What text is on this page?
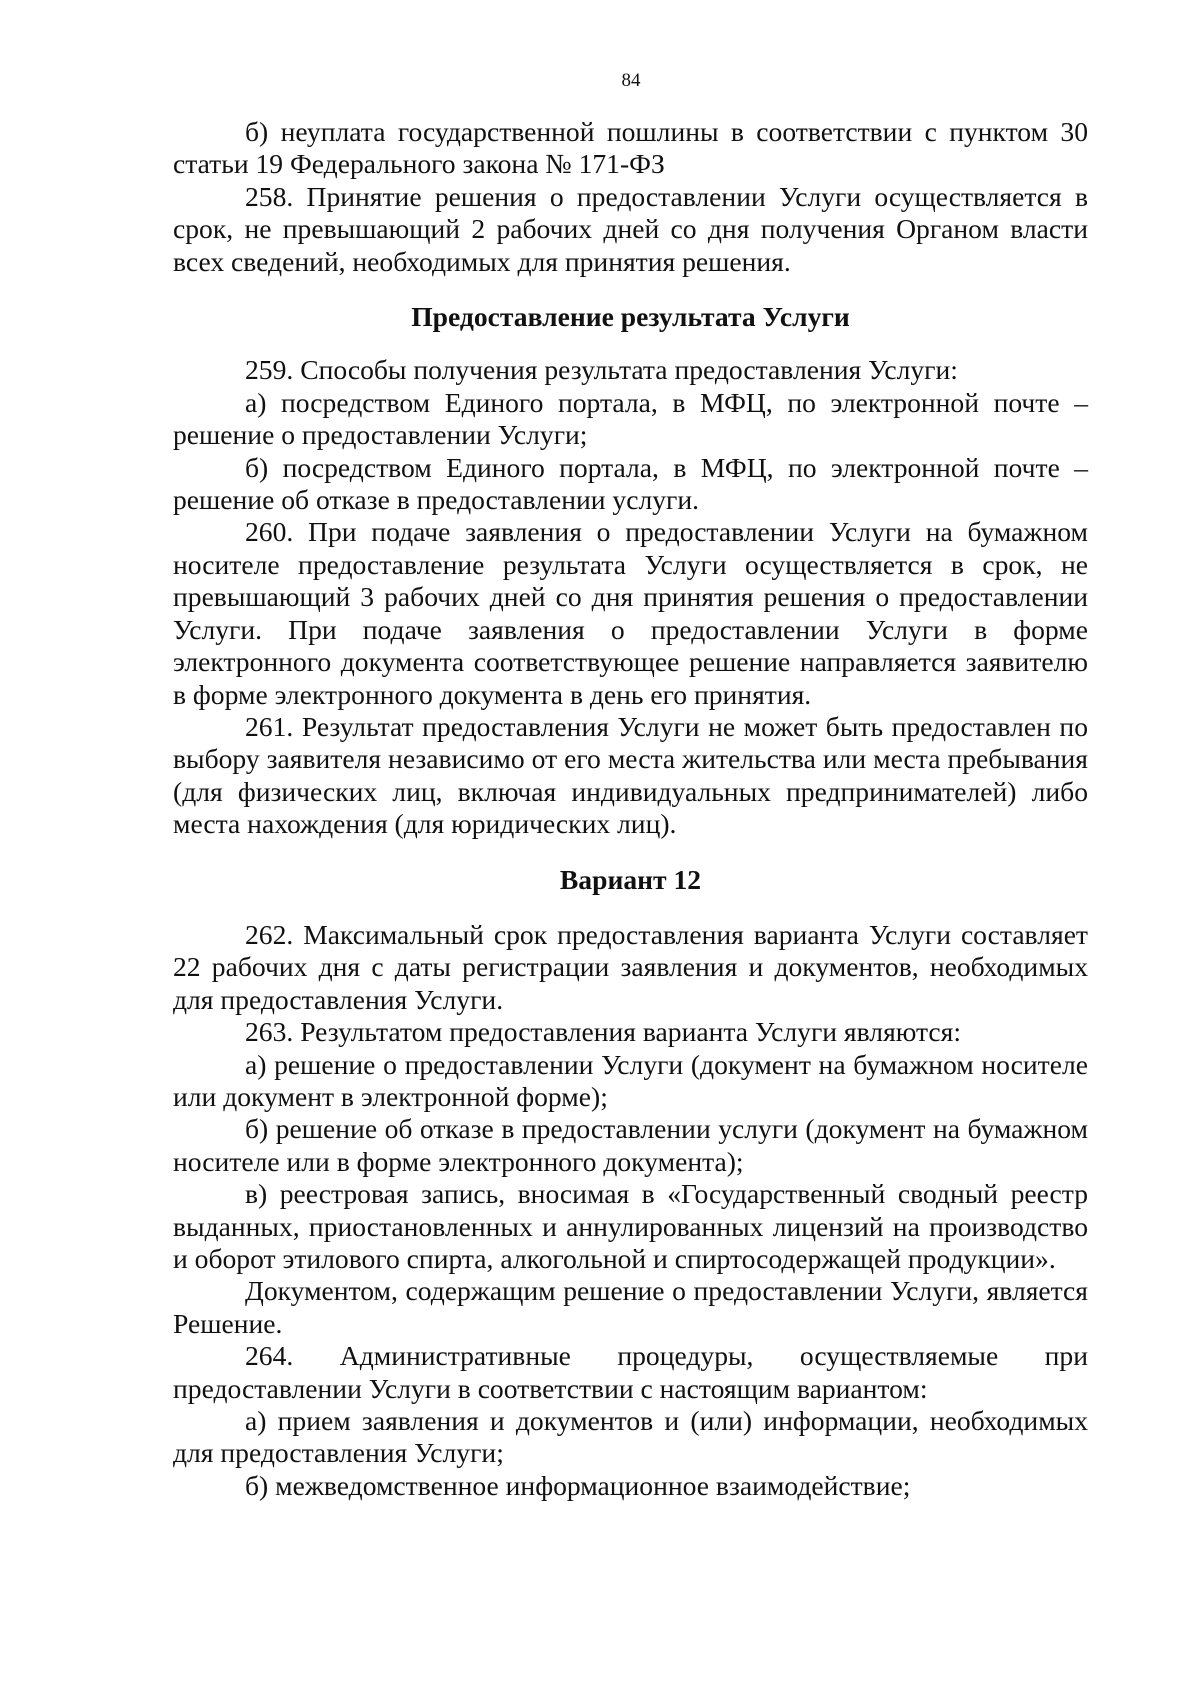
84

б) неуплата государственной пошлины в соответствии с пунктом 30 статьи 19 Федерального закона № 171-ФЗ

258. Принятие решения о предоставлении Услуги осуществляется в срок, не превышающий 2 рабочих дней со дня получения Органом власти всех сведений, необходимых для принятия решения.

Предоставление результата Услуги

259. Способы получения результата предоставления Услуги:

а) посредством Единого портала, в МФЦ, по электронной почте – решение о предоставлении Услуги;

б) посредством Единого портала, в МФЦ, по электронной почте – решение об отказе в предоставлении услуги.

260. При подаче заявления о предоставлении Услуги на бумажном носителе предоставление результата Услуги осуществляется в срок, не превышающий 3 рабочих дней со дня принятия решения о предоставлении Услуги. При подаче заявления о предоставлении Услуги в форме электронного документа соответствующее решение направляется заявителю в форме электронного документа в день его принятия.

261. Результат предоставления Услуги не может быть предоставлен по выбору заявителя независимо от его места жительства или места пребывания (для физических лиц, включая индивидуальных предпринимателей) либо места нахождения (для юридических лиц).

Вариант 12

262. Максимальный срок предоставления варианта Услуги составляет 22 рабочих дня с даты регистрации заявления и документов, необходимых для предоставления Услуги.

263. Результатом предоставления варианта Услуги являются:

а) решение о предоставлении Услуги (документ на бумажном носителе или документ в электронной форме);

б) решение об отказе в предоставлении услуги (документ на бумажном носителе или в форме электронного документа);

в) реестровая запись, вносимая в «Государственный сводный реестр выданных, приостановленных и аннулированных лицензий на производство и оборот этилового спирта, алкогольной и спиртосодержащей продукции».

Документом, содержащим решение о предоставлении Услуги, является Решение.

264. Административные процедуры, осуществляемые при предоставлении Услуги в соответствии с настоящим вариантом:

а) прием заявления и документов и (или) информации, необходимых для предоставления Услуги;

б) межведомственное информационное взаимодействие;
